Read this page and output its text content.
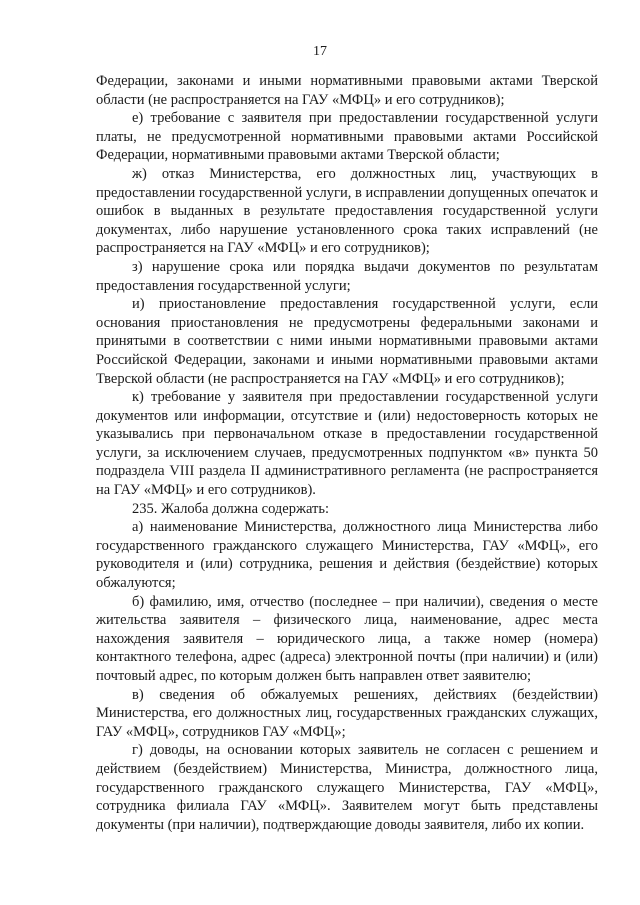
17

Федерации, законами и иными нормативными правовыми актами Тверской области (не распространяется на ГАУ «МФЦ» и его сотрудников);

е) требование с заявителя при предоставлении государственной услуги платы, не предусмотренной нормативными правовыми актами Российской Федерации, нормативными правовыми актами Тверской области;

ж) отказ Министерства, его должностных лиц, участвующих в предоставлении государственной услуги, в исправлении допущенных опечаток и ошибок в выданных в результате предоставления государственной услуги документах, либо нарушение установленного срока таких исправлений (не распространяется на ГАУ «МФЦ» и его сотрудников);

з) нарушение срока или порядка выдачи документов по результатам предоставления государственной услуги;

и) приостановление предоставления государственной услуги, если основания приостановления не предусмотрены федеральными законами и принятыми в соответствии с ними иными нормативными правовыми актами Российской Федерации, законами и иными нормативными правовыми актами Тверской области (не распространяется на ГАУ «МФЦ» и его сотрудников);

к) требование у заявителя при предоставлении государственной услуги документов или информации, отсутствие и (или) недостоверность которых не указывались при первоначальном отказе в предоставлении государственной услуги, за исключением случаев, предусмотренных подпунктом «в» пункта 50 подраздела VIII раздела II административного регламента (не распространяется на ГАУ «МФЦ» и его сотрудников).

235. Жалоба должна содержать:

а) наименование Министерства, должностного лица Министерства либо государственного гражданского служащего Министерства, ГАУ «МФЦ», его руководителя и (или) сотрудника, решения и действия (бездействие) которых обжалуются;

б) фамилию, имя, отчество (последнее – при наличии), сведения о месте жительства заявителя – физического лица, наименование, адрес места нахождения заявителя – юридического лица, а также номер (номера) контактного телефона, адрес (адреса) электронной почты (при наличии) и (или) почтовый адрес, по которым должен быть направлен ответ заявителю;

в) сведения об обжалуемых решениях, действиях (бездействии) Министерства, его должностных лиц, государственных гражданских служащих, ГАУ «МФЦ», сотрудников ГАУ «МФЦ»;

г) доводы, на основании которых заявитель не согласен с решением и действием (бездействием) Министерства, Министра, должностного лица, государственного гражданского служащего Министерства, ГАУ «МФЦ», сотрудника филиала ГАУ «МФЦ». Заявителем могут быть представлены документы (при наличии), подтверждающие доводы заявителя, либо их копии.
